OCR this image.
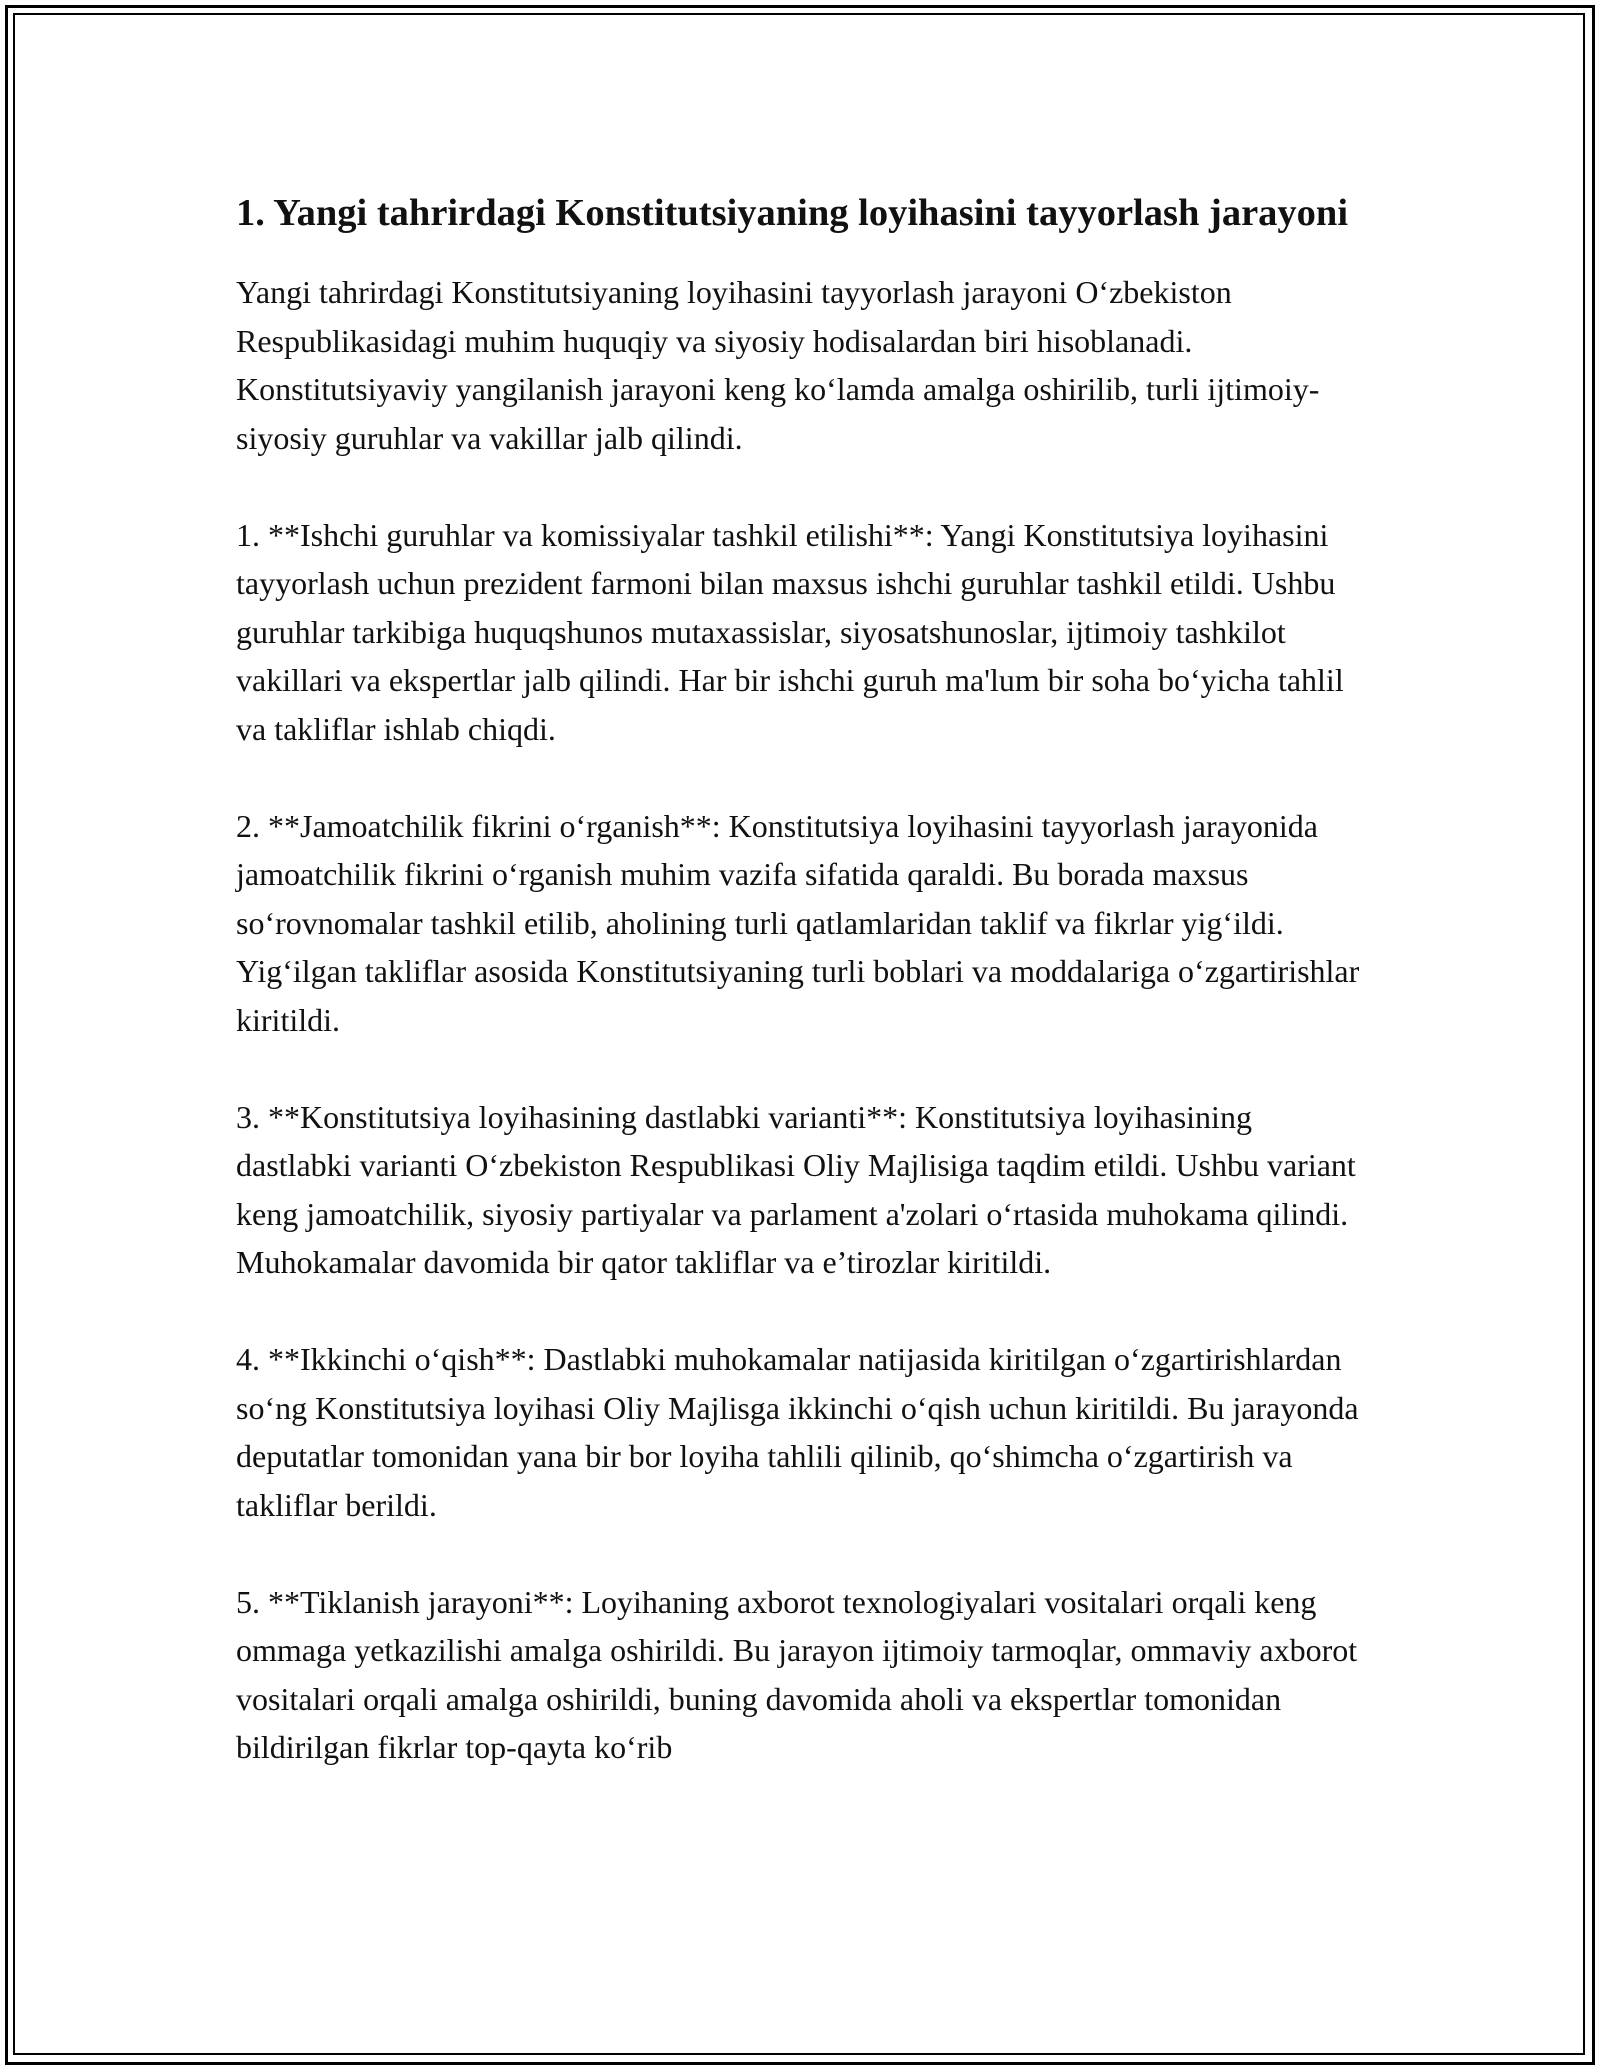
1. Yangi tahrirdagi Konstitutsiyaning loyihasini tayyorlash jarayoni

Yangi tahrirdagi Konstitutsiyaning loyihasini tayyorlash jarayoni O‘zbekiston Respublikasidagi muhim huquqiy va siyosiy hodisalardan biri hisoblanadi. Konstitutsiyaviy yangilanish jarayoni keng ko‘lamda amalga oshirilib, turli ijtimoiy-siyosiy guruhlar va vakillar jalb qilindi.

1. **Ishchi guruhlar va komissiyalar tashkil etilishi**: Yangi Konstitutsiya loyihasini tayyorlash uchun prezident farmoni bilan maxsus ishchi guruhlar tashkil etildi. Ushbu guruhlar tarkibiga huquqshunos mutaxassislar, siyosatshunoslar, ijtimoiy tashkilot vakillari va ekspertlar jalb qilindi. Har bir ishchi guruh ma'lum bir soha bo‘yicha tahlil va takliflar ishlab chiqdi.

2. **Jamoatchilik fikrini o‘rganish**: Konstitutsiya loyihasini tayyorlash jarayonida jamoatchilik fikrini o‘rganish muhim vazifa sifatida qaraldi. Bu borada maxsus so‘rovnomalar tashkil etilib, aholining turli qatlamlaridan taklif va fikrlar yig‘ildi. Yig‘ilgan takliflar asosida Konstitutsiyaning turli boblari va moddalariga o‘zgartirishlar kiritildi.

3. **Konstitutsiya loyihasining dastlabki varianti**: Konstitutsiya loyihasining dastlabki varianti O‘zbekiston Respublikasi Oliy Majlisiga taqdim etildi. Ushbu variant keng jamoatchilik, siyosiy partiyalar va parlament a'zolari o‘rtasida muhokama qilindi. Muhokamalar davomida bir qator takliflar va e’tirozlar kiritildi.

4. **Ikkinchi o‘qish**: Dastlabki muhokamalar natijasida kiritilgan o‘zgartirishlardan so‘ng Konstitutsiya loyihasi Oliy Majlisga ikkinchi o‘qish uchun kiritildi. Bu jarayonda deputatlar tomonidan yana bir bor loyiha tahlili qilinib, qo‘shimcha o‘zgartirish va takliflar berildi.

5. **Tiklanish jarayoni**: Loyihaning axborot texnologiyalari vositalari orqali keng ommaga yetkazilishi amalga oshirildi. Bu jarayon ijtimoiy tarmoqlar, ommaviy axborot vositalari orqali amalga oshirildi, buning davomida aholi va ekspertlar tomonidan bildirilgan fikrlar top-qayta ko‘rib
